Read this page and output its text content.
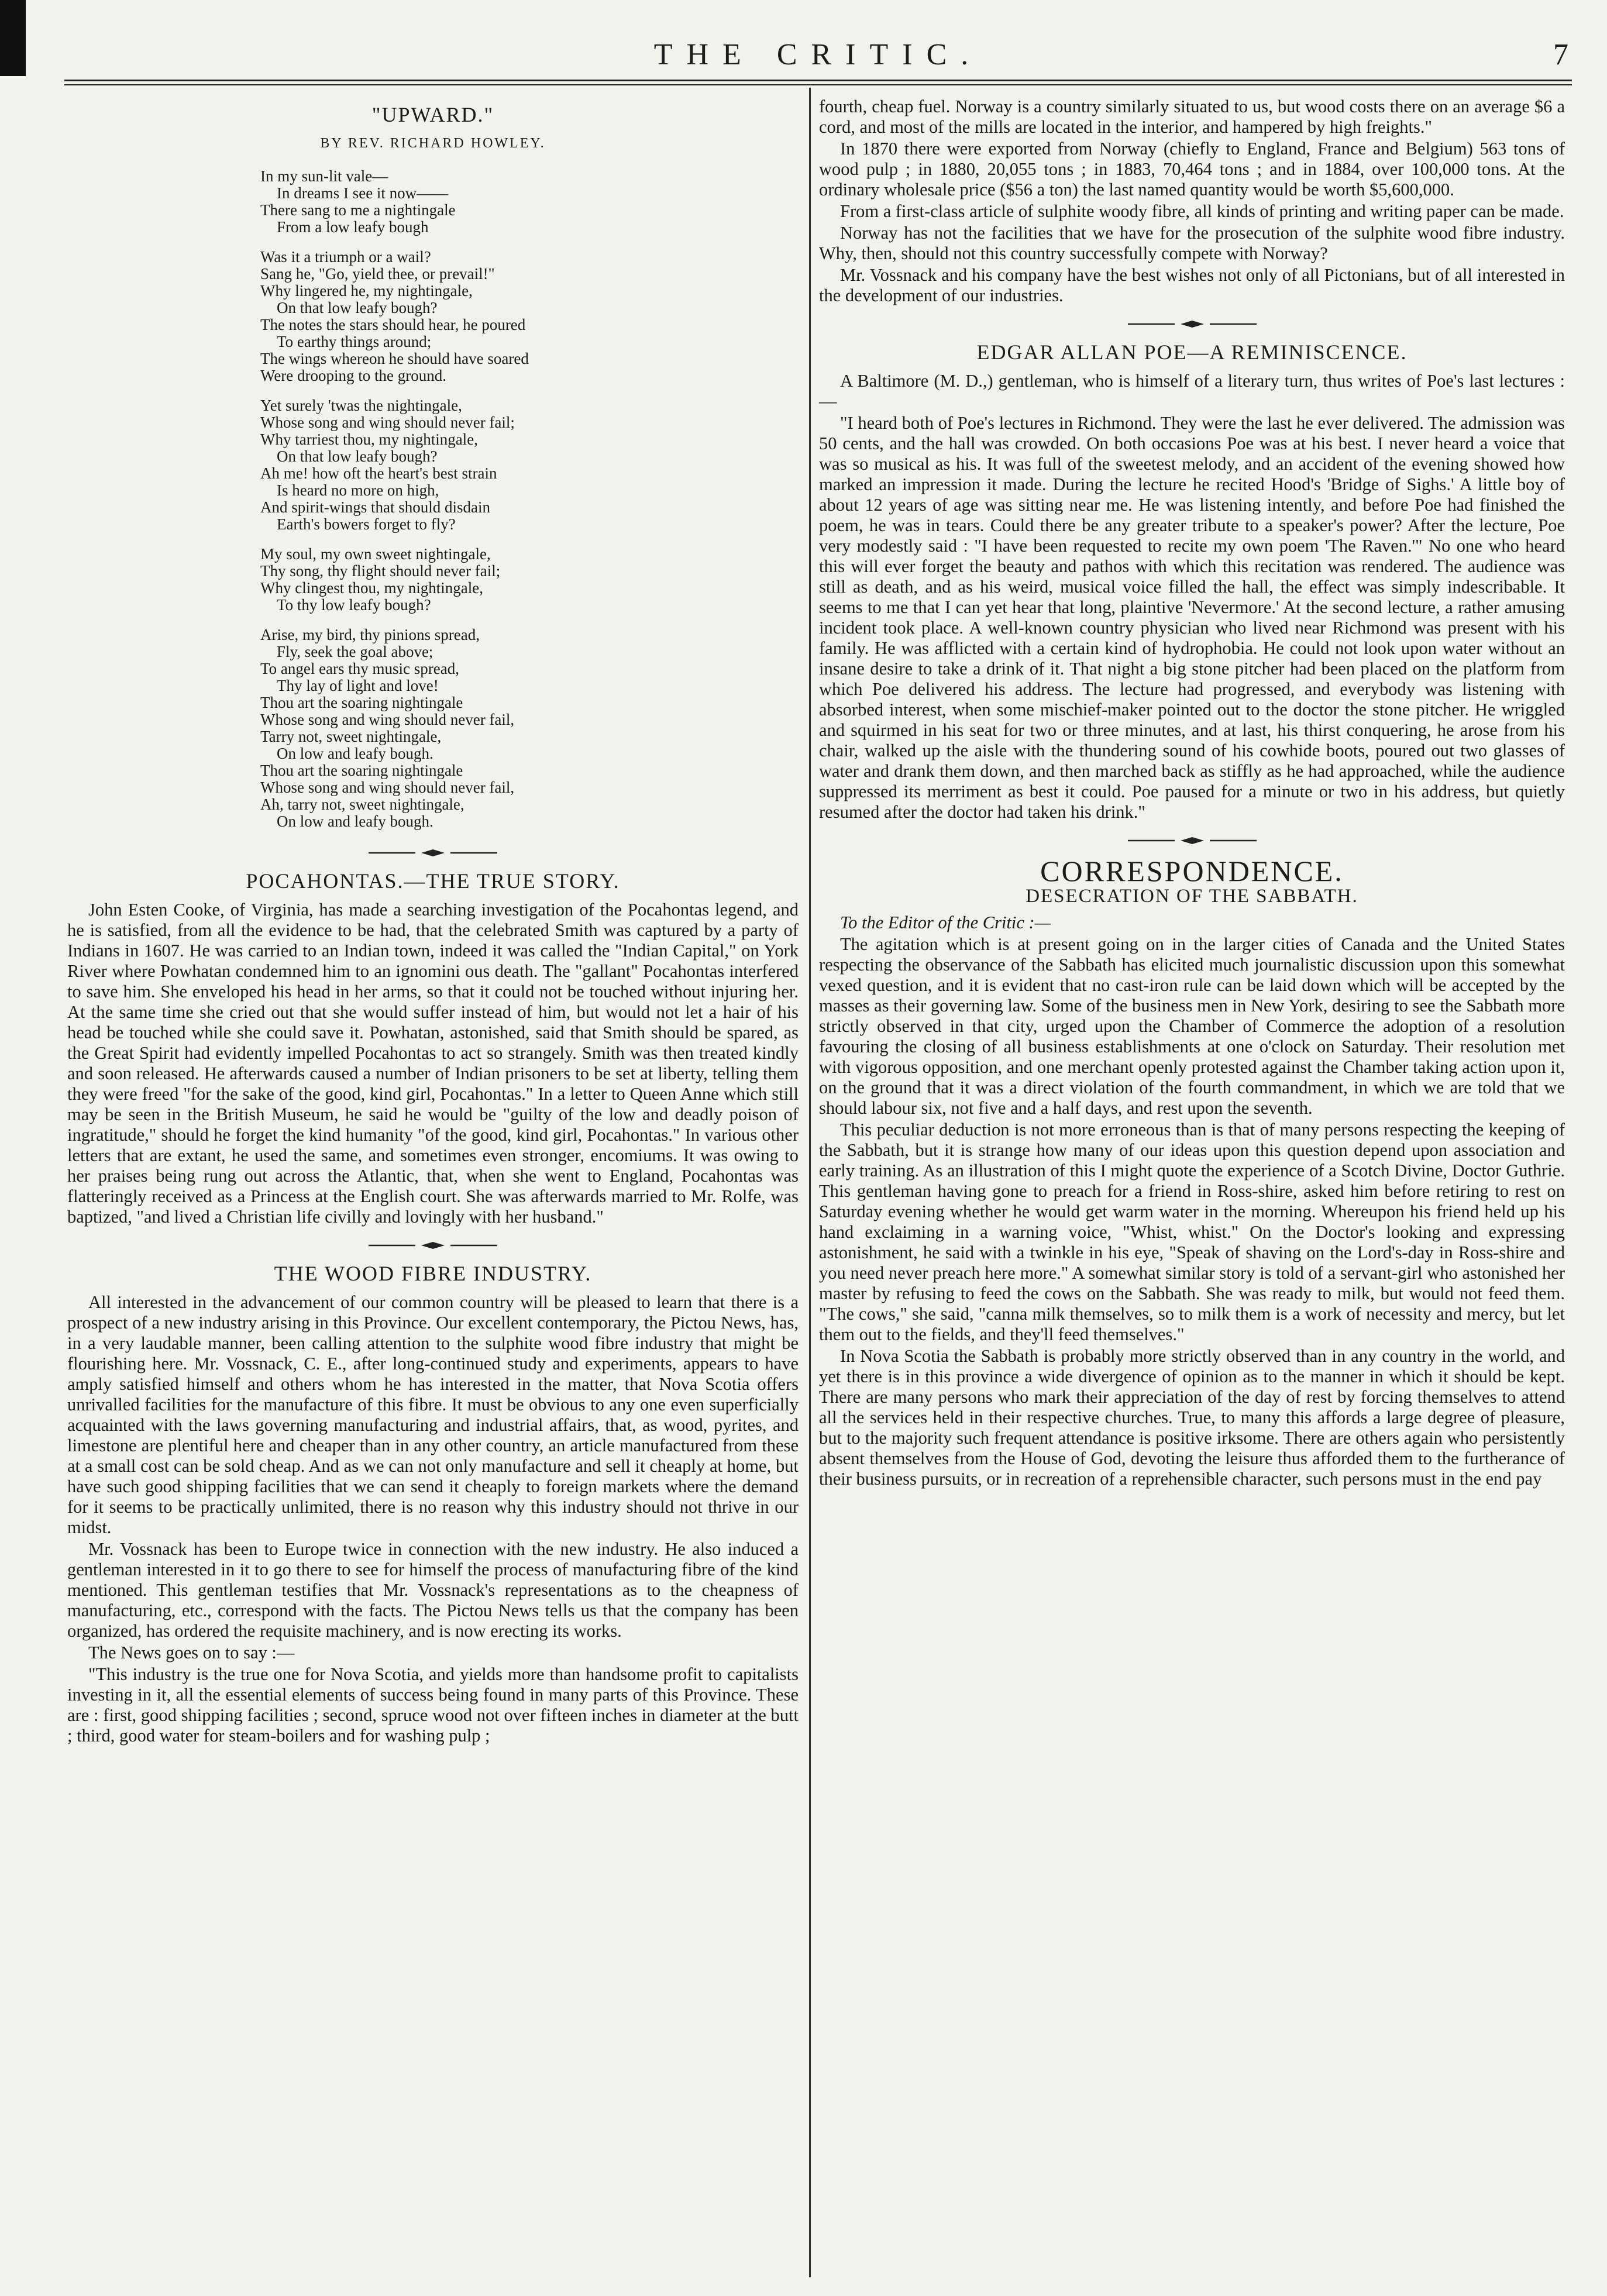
THE CRITIC.	7
"UPWARD."
BY REV. RICHARD HOWLEY.
In my sun-lit vale—
In dreams I see it now——
There sang to me a nightingale
From a low leafy bough
Was it a triumph or a wail?
Sang he, "Go, yield thee, or prevail!"
Why lingered he, my nightingale,
On that low leafy bough?
The notes the stars should hear, he poured
To earthy things around;
The wings whereon he should have soared
Were drooping to the ground.
Yet surely 'twas the nightingale,
Whose song and wing should never fail;
Why tarriest thou, my nightingale,
On that low leafy bough?
Ah me! how oft the heart's best strain
Is heard no more on high,
And spirit-wings that should disdain
Earth's bowers forget to fly?
My soul, my own sweet nightingale,
Thy song, thy flight should never fail;
Why clingest thou, my nightingale,
To thy low leafy bough?
Arise, my bird, thy pinions spread,
Fly, seek the goal above;
To angel ears thy music spread,
Thy lay of light and love!
Thou art the soaring nightingale
Whose song and wing should never fail,
Tarry not, sweet nightingale,
On low and leafy bough.
Thou art the soaring nightingale
Whose song and wing should never fail,
Ah, tarry not, sweet nightingale,
On low and leafy bough.
POCAHONTAS.—THE TRUE STORY.

John Esten Cooke, of Virginia, has made a searching investigation of the Pocahontas legend, and he is satisfied, from all the evidence to be had, that the celebrated Smith was captured by a party of Indians in 1607. He was carried to an Indian town, indeed it was called the "Indian Capital," on York River where Powhatan condemned him to an ignomini ous death. The "gallant" Pocahontas interfered to save him. She enveloped his head in her arms, so that it could not be touched without injuring her. At the same time she cried out that she would suffer instead of him, but would not let a hair of his head be touched while she could save it. Powhatan, astonished, said that Smith should be spared, as the Great Spirit had evidently impelled Pocahontas to act so strangely. Smith was then treated kindly and soon released. He afterwards caused a number of Indian prisoners to be set at liberty, telling them they were freed "for the sake of the good, kind girl, Pocahontas." In a letter to Queen Anne which still may be seen in the British Museum, he said he would be "guilty of the low and deadly poison of ingratitude," should he forget the kind humanity "of the good, kind girl, Pocahontas." In various other letters that are extant, he used the same, and sometimes even stronger, encomiums. It was owing to her praises being rung out across the Atlantic, that, when she went to England, Pocahontas was flatteringly received as a Princess at the English court. She was afterwards married to Mr. Rolfe, was baptized, "and lived a Christian life civilly and lovingly with her husband."

THE WOOD FIBRE INDUSTRY.

All interested in the advancement of our common country will be pleased to learn that there is a prospect of a new industry arising in this Province. Our excellent contemporary, the Pictou News, has, in a very laudable manner, been calling attention to the sulphite wood fibre industry that might be flourishing here. Mr. Vossnack, C. E., after long-continued study and experiments, appears to have amply satisfied himself and others whom he has interested in the matter, that Nova Scotia offers unrivalled facilities for the manufacture of this fibre. It must be obvious to any one even superficially acquainted with the laws governing manufacturing and industrial affairs, that, as wood, pyrites, and limestone are plentiful here and cheaper than in any other country, an article manufactured from these at a small cost can be sold cheap. And as we can not only manufacture and sell it cheaply at home, but have such good shipping facilities that we can send it cheaply to foreign markets where the demand for it seems to be practically unlimited, there is no reason why this industry should not thrive in our midst.

Mr. Vossnack has been to Europe twice in connection with the new industry. He also induced a gentleman interested in it to go there to see for himself the process of manufacturing fibre of the kind mentioned. This gentleman testifies that Mr. Vossnack's representations as to the cheapness of manufacturing, etc., correspond with the facts. The Pictou News tells us that the company has been organized, has ordered the requisite machinery, and is now erecting its works.

The News goes on to say :—

"This industry is the true one for Nova Scotia, and yields more than handsome profit to capitalists investing in it, all the essential elements of success being found in many parts of this Province. These are : first, good shipping facilities ; second, spruce wood not over fifteen inches in diameter at the butt ; third, good water for steam-boilers and for washing pulp ;

fourth, cheap fuel. Norway is a country similarly situated to us, but wood costs there on an average $6 a cord, and most of the mills are located in the interior, and hampered by high freights."

In 1870 there were exported from Norway (chiefly to England, France and Belgium) 563 tons of wood pulp ; in 1880, 20,055 tons ; in 1883, 70,464 tons ; and in 1884, over 100,000 tons. At the ordinary wholesale price ($56 a ton) the last named quantity would be worth $5,600,000.

From a first-class article of sulphite woody fibre, all kinds of printing and writing paper can be made.

Norway has not the facilities that we have for the prosecution of the sulphite wood fibre industry. Why, then, should not this country successfully compete with Norway?

Mr. Vossnack and his company have the best wishes not only of all Pictonians, but of all interested in the development of our industries.

EDGAR ALLAN POE—A REMINISCENCE.

A Baltimore (M. D.,) gentleman, who is himself of a literary turn, thus writes of Poe's last lectures :—

"I heard both of Poe's lectures in Richmond. They were the last he ever delivered. The admission was 50 cents, and the hall was crowded. On both occasions Poe was at his best. I never heard a voice that was so musical as his. It was full of the sweetest melody, and an accident of the evening showed how marked an impression it made. During the lecture he recited Hood's 'Bridge of Sighs.' A little boy of about 12 years of age was sitting near me. He was listening intently, and before Poe had finished the poem, he was in tears. Could there be any greater tribute to a speaker's power? After the lecture, Poe very modestly said : "I have been requested to recite my own poem 'The Raven.'" No one who heard this will ever forget the beauty and pathos with which this recitation was rendered. The audience was still as death, and as his weird, musical voice filled the hall, the effect was simply indescribable. It seems to me that I can yet hear that long, plaintive 'Nevermore.' At the second lecture, a rather amusing incident took place. A well-known country physician who lived near Richmond was present with his family. He was afflicted with a certain kind of hydrophobia. He could not look upon water without an insane desire to take a drink of it. That night a big stone pitcher had been placed on the platform from which Poe delivered his address. The lecture had progressed, and everybody was listening with absorbed interest, when some mischief-maker pointed out to the doctor the stone pitcher. He wriggled and squirmed in his seat for two or three minutes, and at last, his thirst conquering, he arose from his chair, walked up the aisle with the thundering sound of his cowhide boots, poured out two glasses of water and drank them down, and then marched back as stiffly as he had approached, while the audience suppressed its merriment as best it could. Poe paused for a minute or two in his address, but quietly resumed after the doctor had taken his drink."

CORRESPONDENCE.
DESECRATION OF THE SABBATH.

To the Editor of the Critic :—

The agitation which is at present going on in the larger cities of Canada and the United States respecting the observance of the Sabbath has elicited much journalistic discussion upon this somewhat vexed question, and it is evident that no cast-iron rule can be laid down which will be accepted by the masses as their governing law. Some of the business men in New York, desiring to see the Sabbath more strictly observed in that city, urged upon the Chamber of Commerce the adoption of a resolution favouring the closing of all business establishments at one o'clock on Saturday. Their resolution met with vigorous opposition, and one merchant openly protested against the Chamber taking action upon it, on the ground that it was a direct violation of the fourth commandment, in which we are told that we should labour six, not five and a half days, and rest upon the seventh.

This peculiar deduction is not more erroneous than is that of many persons respecting the keeping of the Sabbath, but it is strange how many of our ideas upon this question depend upon association and early training. As an illustration of this I might quote the experience of a Scotch Divine, Doctor Guthrie. This gentleman having gone to preach for a friend in Ross-shire, asked him before retiring to rest on Saturday evening whether he would get warm water in the morning. Whereupon his friend held up his hand exclaiming in a warning voice, "Whist, whist." On the Doctor's looking and expressing astonishment, he said with a twinkle in his eye, "Speak of shaving on the Lord's-day in Ross-shire and you need never preach here more." A somewhat similar story is told of a servant-girl who astonished her master by refusing to feed the cows on the Sabbath. She was ready to milk, but would not feed them. "The cows," she said, "canna milk themselves, so to milk them is a work of necessity and mercy, but let them out to the fields, and they'll feed themselves."

In Nova Scotia the Sabbath is probably more strictly observed than in any country in the world, and yet there is in this province a wide divergence of opinion as to the manner in which it should be kept. There are many persons who mark their appreciation of the day of rest by forcing themselves to attend all the services held in their respective churches. True, to many this affords a large degree of pleasure, but to the majority such frequent attendance is positive irksome. There are others again who persistently absent themselves from the House of God, devoting the leisure thus afforded them to the furtherance of their business pursuits, or in recreation of a reprehensible character, such persons must in the end pay
